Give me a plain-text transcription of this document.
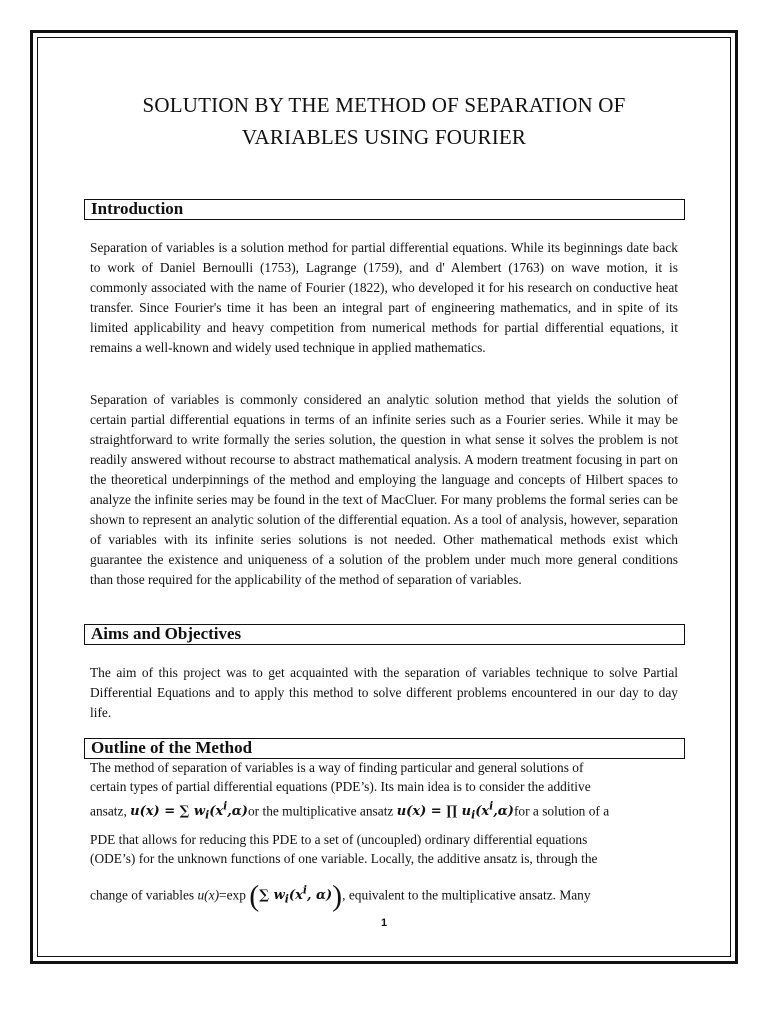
SOLUTION BY THE METHOD OF SEPARATION OF
VARIABLES USING FOURIER
Introduction
Separation of variables is a solution method for partial differential equations. While its beginnings date back to work of Daniel Bernoulli (1753), Lagrange (1759), and d' Alembert (1763) on wave motion, it is commonly associated with the name of Fourier (1822), who developed it for his research on conductive heat transfer. Since Fourier's time it has been an integral part of engineering mathematics, and in spite of its limited applicability and heavy competition from numerical methods for partial differential equations, it remains a well-known and widely used technique in applied mathematics.
Separation of variables is commonly considered an analytic solution method that yields the solution of certain partial differential equations in terms of an infinite series such as a Fourier series. While it may be straightforward to write formally the series solution, the question in what sense it solves the problem is not readily answered without recourse to abstract mathematical analysis. A modern treatment focusing in part on the theoretical underpinnings of the method and employing the language and concepts of Hilbert spaces to analyze the infinite series may be found in the text of MacCluer. For many problems the formal series can be shown to represent an analytic solution of the differential equation. As a tool of analysis, however, separation of variables with its infinite series solutions is not needed. Other mathematical methods exist which guarantee the existence and uniqueness of a solution of the problem under much more general conditions than those required for the applicability of the method of separation of variables.
Aims and Objectives
The aim of this project was to get acquainted with the separation of variables technique to solve Partial Differential Equations and to apply this method to solve different problems encountered in our day to day life.
Outline of the Method
The method of separation of variables is a way of finding particular and general solutions of
certain types of partial differential equations (PDE’s). Its main idea is to consider the additive
ansatz, u(x) = ∑ $w_i(x^i,\alpha)or$ the multiplicative ansatz u(x) = ∏ $u_i(x^i,\alpha)for$ a solution of a
PDE that allows for reducing this PDE to a set of (uncoupled) ordinary differential equations
(ODE’s) for the unknown functions of one variable. Locally, the additive ansatz is, through the
change of variables u(x)=exp (∑ $w_i(x^i$, α)), equivalent to the multiplicative ansatz. Many
1
